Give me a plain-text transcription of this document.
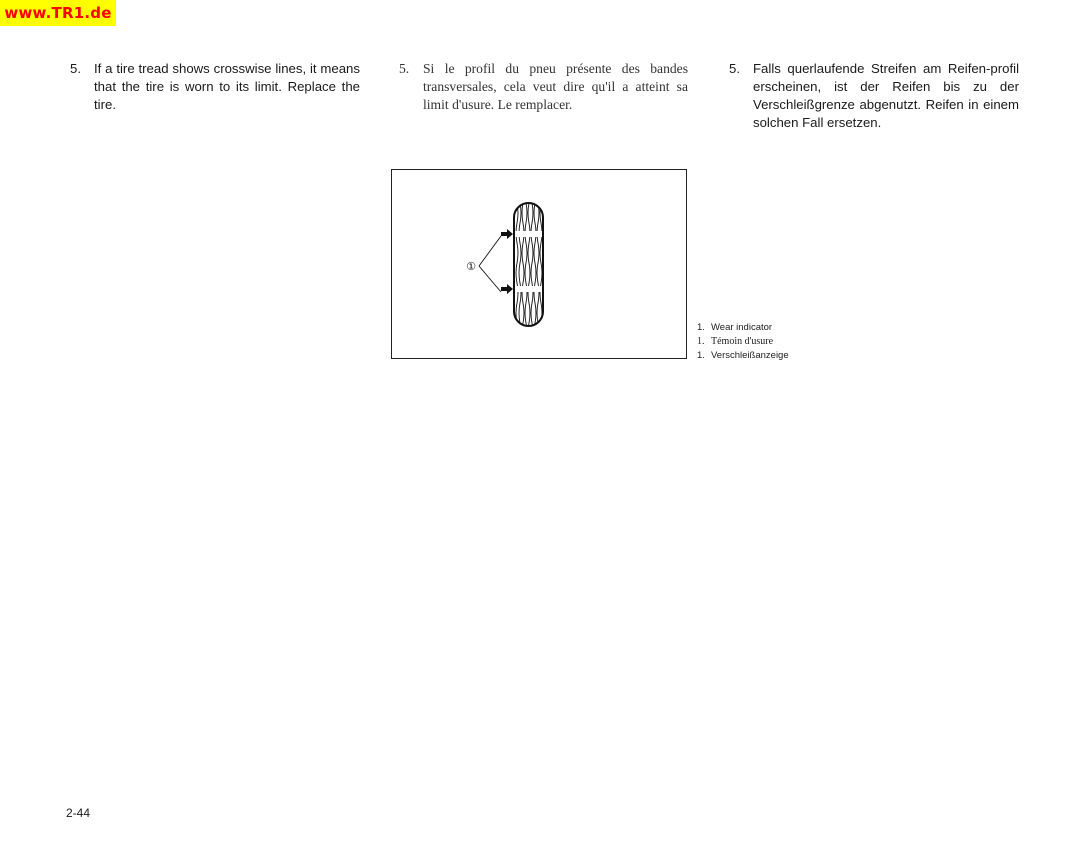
www.TR1.de
5. If a tire tread shows crosswise lines, it means that the tire is worn to its limit. Replace the tire.
5. Si le profil du pneu présente des bandes transversales, cela veut dire qu'il a atteint sa limit d'usure. Le remplacer.
5. Falls querlaufende Streifen am Reifen-profil erscheinen, ist der Reifen bis zu der Verschleißgrenze abgenutzt. Reifen in einem solchen Fall ersetzen.
①
1. Wear indicator
1. Témoin d'usure
1. Verschleißanzeige
2-44
